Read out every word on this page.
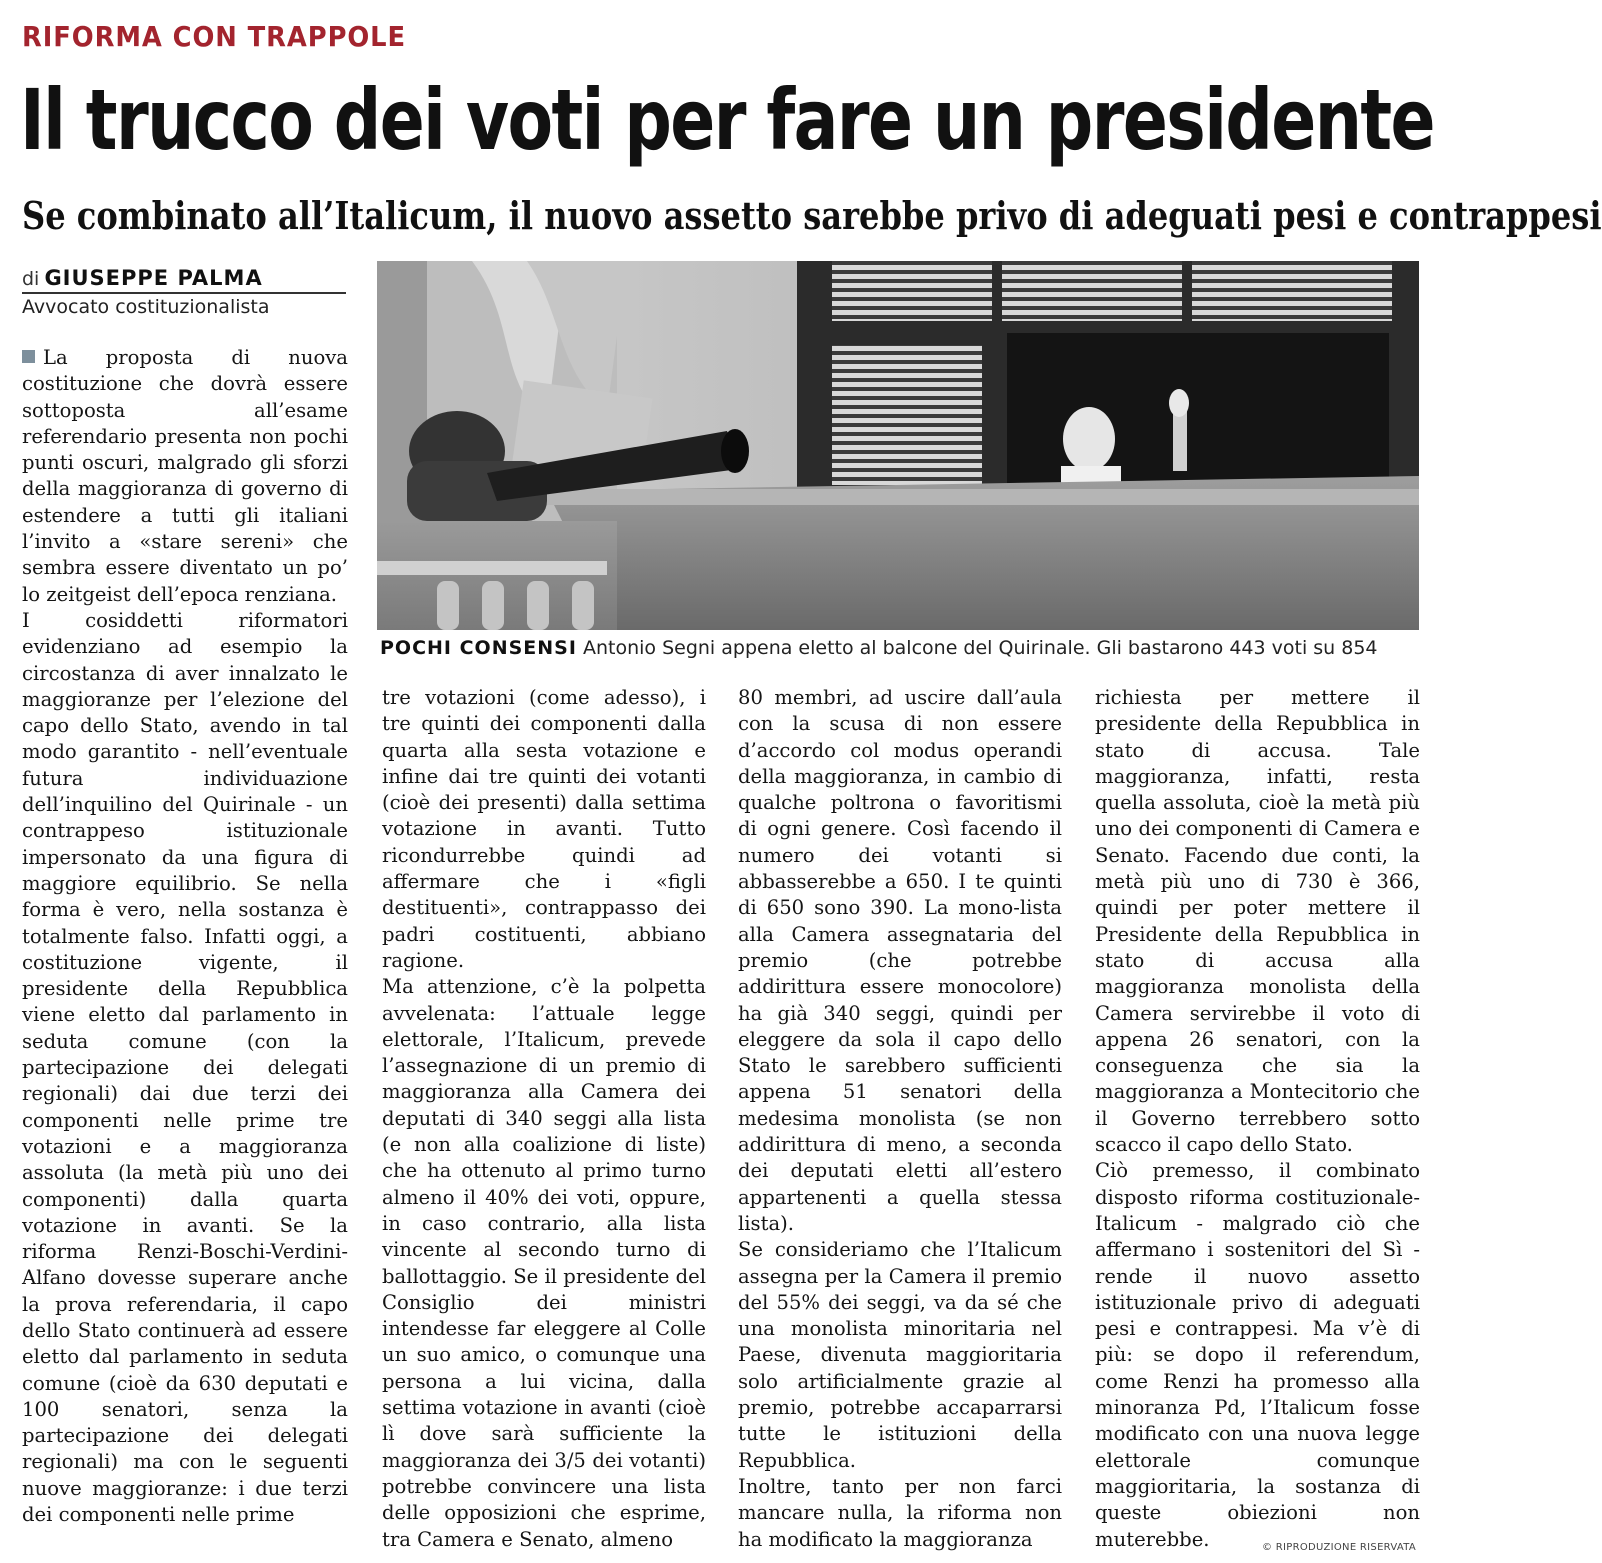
RIFORMA CON TRAPPOLE
Il trucco dei voti per fare un presidente
Se combinato all’Italicum, il nuovo assetto sarebbe privo di adeguati pesi e contrappesi
di GIUSEPPE PALMA
Avvocato costituzionalista
POCHI CONSENSI Antonio Segni appena eletto al balcone del Quirinale. Gli bastarono 443 voti su 854

La proposta di nuova costituzione che dovrà essere sottoposta all’esame referendario presenta non pochi punti oscuri, malgrado gli sforzi della maggioranza di governo di estendere a tutti gli italiani l’invito a «stare sereni» che sembra essere diventato un po’ lo zeitgeist dell’epoca renziana.

I cosiddetti riformatori evidenziano ad esempio la circostanza di aver innalzato le maggioranze per l’elezione del capo dello Stato, avendo in tal modo garantito - nell’eventuale futura individuazione dell’inquilino del Quirinale - un contrappeso istituzionale impersonato da una figura di maggiore equilibrio. Se nella forma è vero, nella sostanza è totalmente falso. Infatti oggi, a costituzione vigente, il presidente della Repubblica viene eletto dal parlamento in seduta comune (con la partecipazione dei delegati regionali) dai due terzi dei componenti nelle prime tre votazioni e a maggioranza assoluta (la metà più uno dei componenti) dalla quarta votazione in avanti. Se la riforma Renzi-Boschi-Verdini-Alfano dovesse superare anche la prova referendaria, il capo dello Stato continuerà ad essere eletto dal parlamento in seduta comune (cioè da 630 deputati e 100 senatori, senza la partecipazione dei delegati regionali) ma con le seguenti nuove maggioranze: i due terzi dei componenti nelle prime

tre votazioni (come adesso), i tre quinti dei componenti dalla quarta alla sesta votazione e infine dai tre quinti dei votanti (cioè dei presenti) dalla settima votazione in avanti. Tutto ricondurrebbe quindi ad affermare che i «figli destituenti», contrappasso dei padri costituenti, abbiano ragione.

Ma attenzione, c’è la polpetta avvelenata: l’attuale legge elettorale, l’Italicum, prevede l’assegnazione di un premio di maggioranza alla Camera dei deputati di 340 seggi alla lista (e non alla coalizione di liste) che ha ottenuto al primo turno almeno il 40% dei voti, oppure, in caso contrario, alla lista vincente al secondo turno di ballottaggio. Se il presidente del Consiglio dei ministri intendesse far eleggere al Colle un suo amico, o comunque una persona a lui vicina, dalla settima votazione in avanti (cioè lì dove sarà sufficiente la maggioranza dei 3/5 dei votanti) potrebbe convincere una lista delle opposizioni che esprime, tra Camera e Senato, almeno

80 membri, ad uscire dall’aula con la scusa di non essere d’accordo col modus operandi della maggioranza, in cambio di qualche poltrona o favoritismi di ogni genere. Così facendo il numero dei votanti si abbasserebbe a 650. I te quinti di 650 sono 390. La mono-lista alla Camera assegnataria del premio (che potrebbe addirittura essere monocolore) ha già 340 seggi, quindi per eleggere da sola il capo dello Stato le sarebbero sufficienti appena 51 senatori della medesima monolista (se non addirittura di meno, a seconda dei deputati eletti all’estero appartenenti a quella stessa lista).

Se consideriamo che l’Italicum assegna per la Camera il premio del 55% dei seggi, va da sé che una monolista minoritaria nel Paese, divenuta maggioritaria solo artificialmente grazie al premio, potrebbe accaparrarsi tutte le istituzioni della Repubblica.

Inoltre, tanto per non farci mancare nulla, la riforma non ha modificato la maggioranza

richiesta per mettere il presidente della Repubblica in stato di accusa. Tale maggioranza, infatti, resta quella assoluta, cioè la metà più uno dei componenti di Camera e Senato. Facendo due conti, la metà più uno di 730 è 366, quindi per poter mettere il Presidente della Repubblica in stato di accusa alla maggioranza monolista della Camera servirebbe il voto di appena 26 senatori, con la conseguenza che sia la maggioranza a Montecitorio che il Governo terrebbero sotto scacco il capo dello Stato.

Ciò premesso, il combinato disposto riforma costituzionale-Italicum - malgrado ciò che affermano i sostenitori del Sì - rende il nuovo assetto istituzionale privo di adeguati pesi e contrappesi. Ma v’è di più: se dopo il referendum, come Renzi ha promesso alla minoranza Pd, l’Italicum fosse modificato con una nuova legge elettorale comunque maggioritaria, la sostanza di queste obiezioni non muterebbe.	© RIPRODUZIONE RISERVATA
